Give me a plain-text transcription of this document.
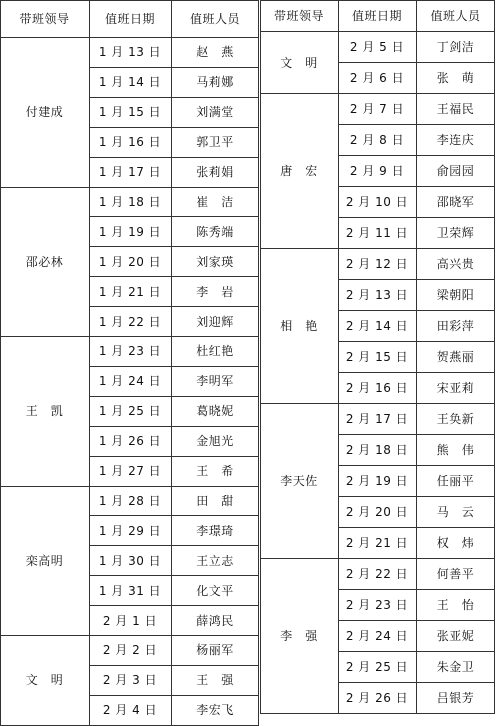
带班领导	值班日期	值班人员
付建成
1 月 13 日	赵　燕
1 月 14 日	马莉娜
1 月 15 日	刘满堂
1 月 16 日	郭卫平
1 月 17 日	张莉娟
邵必林
1 月 18 日	崔　洁
1 月 19 日	陈秀端
1 月 20 日	刘家瑛
1 月 21 日	李　岩
1 月 22 日	刘迎辉
王　凯
1 月 23 日	杜红艳
1 月 24 日	李明军
1 月 25 日	葛晓妮
1 月 26 日	金旭光
1 月 27 日	王　希
栾高明
1 月 28 日	田　甜
1 月 29 日	李璟琦
1 月 30 日	王立志
1 月 31 日	化文平
2 月 1 日	薛鸿民
文　明
2 月 2 日	杨丽军
2 月 3 日	王　强
2 月 4 日	李宏飞
带班领导	值班日期	值班人员
文　明
2 月 5 日	丁剑洁
2 月 6 日	张　萌
唐　宏
2 月 7 日	王福民
2 月 8 日	李连庆
2 月 9 日	俞园园
2 月 10 日	邵晓军
2 月 11 日	卫荣辉
相　艳
2 月 12 日	高兴贵
2 月 13 日	梁朝阳
2 月 14 日	田彩萍
2 月 15 日	贺燕丽
2 月 16 日	宋亚莉
李天佐
2 月 17 日	王奂新
2 月 18 日	熊　伟
2 月 19 日	任丽平
2 月 20 日	马　云
2 月 21 日	权　炜
李　强
2 月 22 日	何善平
2 月 23 日	王　怡
2 月 24 日	张亚妮
2 月 25 日	朱金卫
2 月 26 日	吕银芳
